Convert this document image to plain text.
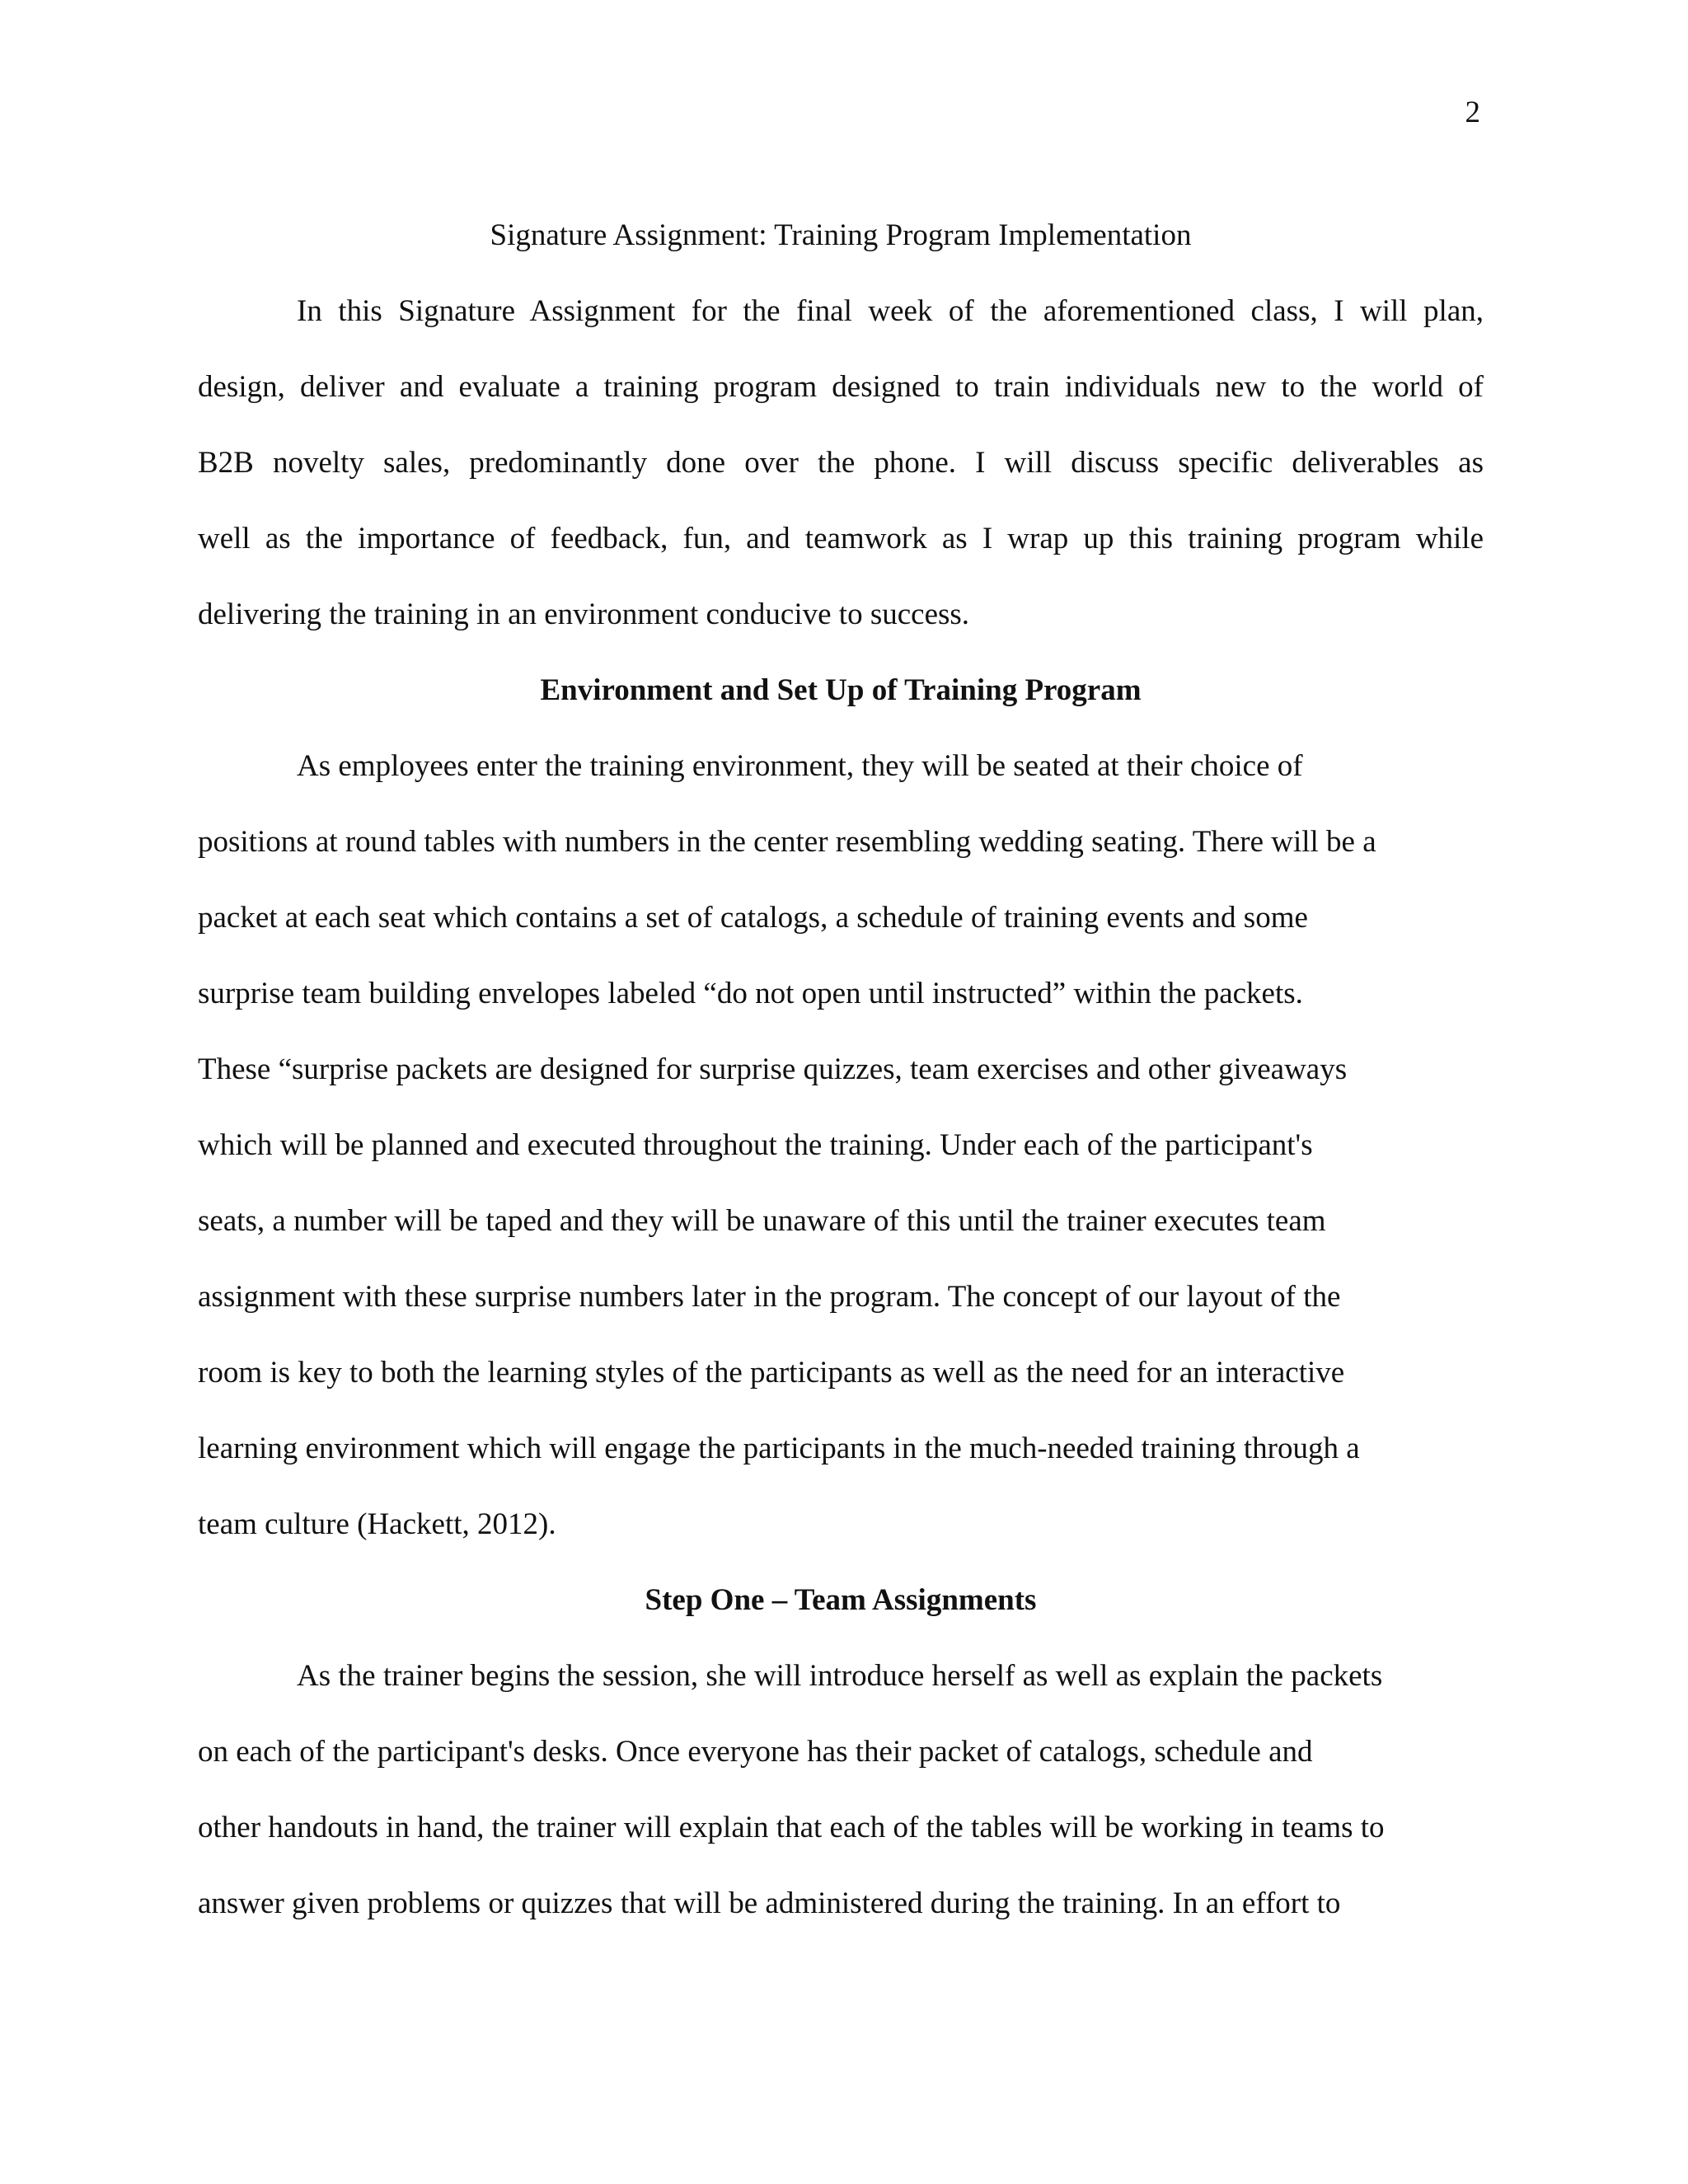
2
Signature Assignment: Training Program Implementation
In this Signature Assignment for the final week of the aforementioned class, I will plan,
design, deliver and evaluate a training program designed to train individuals new to the world of
B2B novelty sales, predominantly done over the phone. I will discuss specific deliverables as
well as the importance of feedback, fun, and teamwork as I wrap up this training program while
delivering the training in an environment conducive to success.
Environment and Set Up of Training Program
As employees enter the training environment, they will be seated at their choice of
positions at round tables with numbers in the center resembling wedding seating. There will be a
packet at each seat which contains a set of catalogs, a schedule of training events and some
surprise team building envelopes labeled “do not open until instructed” within the packets.
These “surprise packets are designed for surprise quizzes, team exercises and other giveaways
which will be planned and executed throughout the training. Under each of the participant's
seats, a number will be taped and they will be unaware of this until the trainer executes team
assignment with these surprise numbers later in the program. The concept of our layout of the
room is key to both the learning styles of the participants as well as the need for an interactive
learning environment which will engage the participants in the much-needed training through a
team culture (Hackett, 2012).
Step One – Team Assignments
As the trainer begins the session, she will introduce herself as well as explain the packets
on each of the participant's desks. Once everyone has their packet of catalogs, schedule and
other handouts in hand, the trainer will explain that each of the tables will be working in teams to
answer given problems or quizzes that will be administered during the training. In an effort to
